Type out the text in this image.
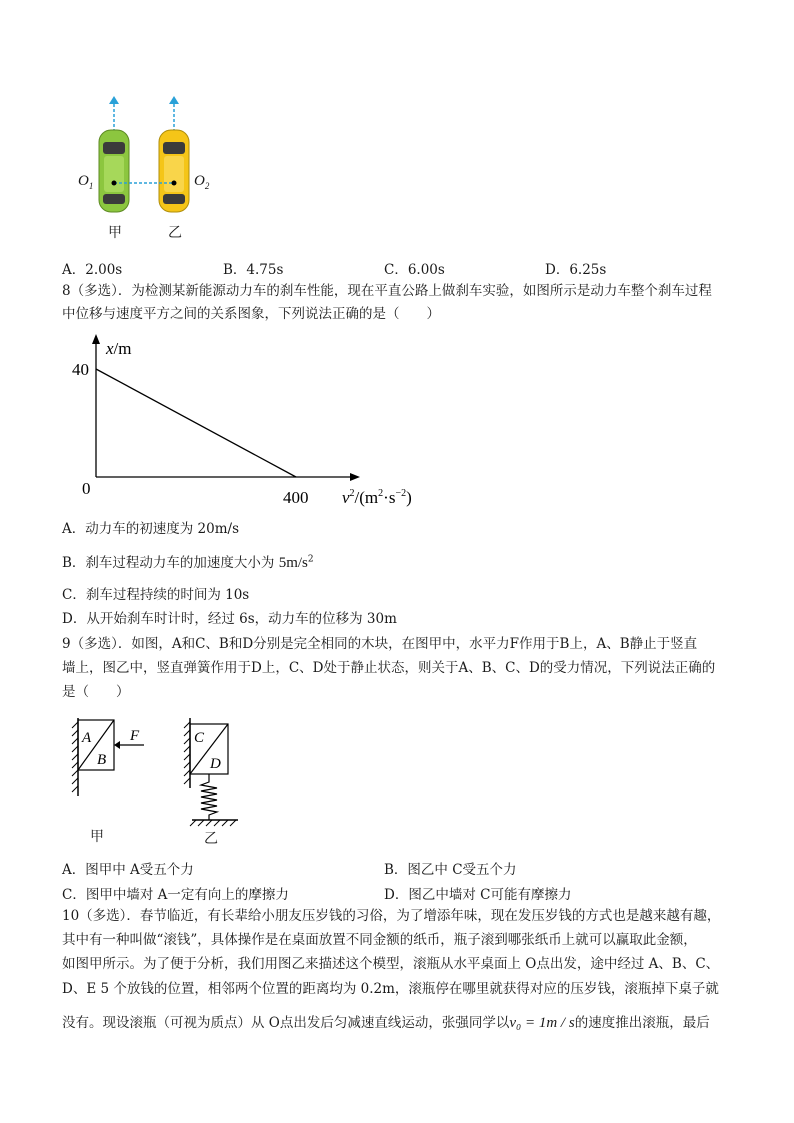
$O_1$	$O_2$
甲	乙
A．2.00s	B．4.75s	C．6.00s	D．6.25s
8（多选）．为检测某新能源动力车的刹车性能，现在平直公路上做刹车实验，如图所示是动力车整个刹车过程
中位移与速度平方之间的关系图象，下列说法正确的是（　　）
x/m
40
0	400 $v^2/(m^2\cdot s^{-2})$
A．动力车的初速度为 20m/s
B．刹车过程动力车的加速度大小为 $5m/s^2$
C．刹车过程持续的时间为 10s
D．从开始刹车时计时，经过 6s，动力车的位移为 30m
9（多选）．如图，A和C、B和D分别是完全相同的木块，在图甲中，水平力F作用于B上，A、B静止于竖直
墙上，图乙中，竖直弹簧作用于D上，C、D处于静止状态，则关于A、B、C、D的受力情况，下列说法正确的
是（　　）
A
B
F	C
D
甲	乙
A．图甲中 A受五个力	B．图乙中 C受五个力
C．图甲中墙对 A一定有向上的摩擦力	D．图乙中墙对 C可能有摩擦力
10（多选）．春节临近，有长辈给小朋友压岁钱的习俗，为了增添年味，现在发压岁钱的方式也是越来越有趣，
其中有一种叫做“滚钱”，具体操作是在桌面放置不同金额的纸币，瓶子滚到哪张纸币上就可以赢取此金额，
如图甲所示。为了便于分析，我们用图乙来描述这个模型，滚瓶从水平桌面上 O点出发，途中经过 A、B、C、
D、E 5 个放钱的位置，相邻两个位置的距离均为 0.2m，滚瓶停在哪里就获得对应的压岁钱，滚瓶掉下桌子就
没有。现设滚瓶（可视为质点）从 O点出发后匀减速直线运动，张强同学以v₀ = 1m / s的速度推出滚瓶，最后
